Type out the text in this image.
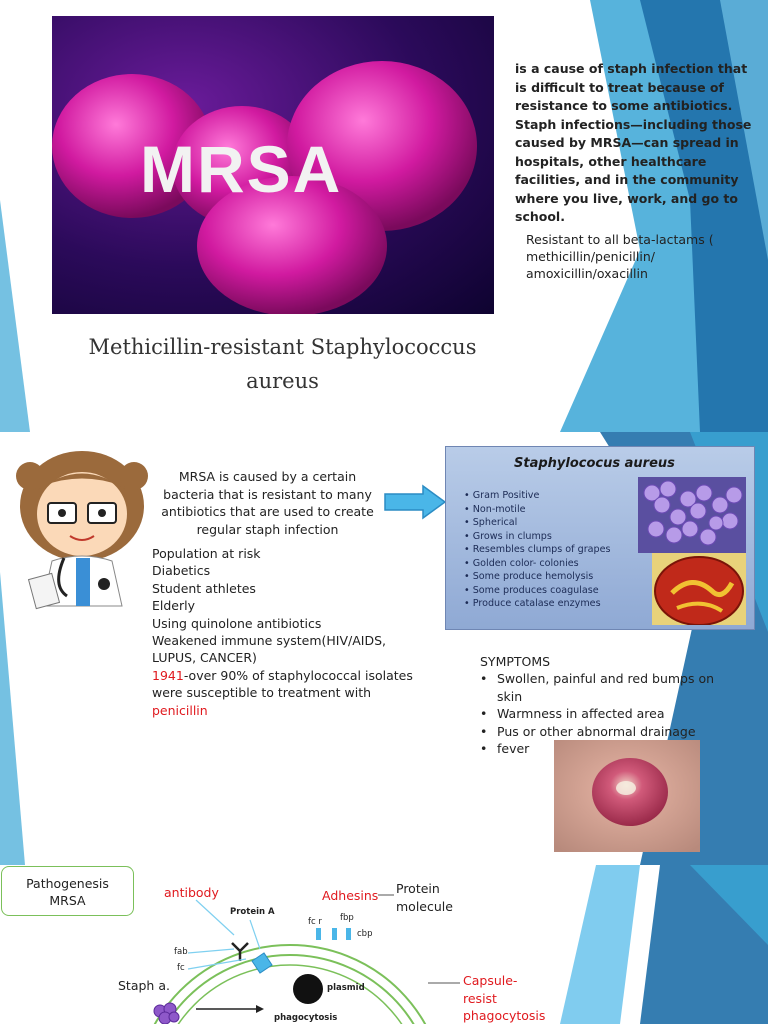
MRSA
is a cause of staph infection that is difficult to treat because of resistance to some antibiotics. Staph infections—including those caused by MRSA—can spread in hospitals, other healthcare facilities, and in the community where you live, work, and go to school.
Resistant to all beta-lactams ( methicillin/penicillin/ amoxicillin/oxacillin
Methicillin-resistant Staphylococcus
aureus
MRSA is caused by a certain
bacteria that is resistant to many
antibiotics that are used to create
regular staph infection
Population at risk
Diabetics
Student athletes
Elderly
Using quinolone antibiotics
Weakened immune system(HIV/AIDS,
LUPUS, CANCER)
1941-over 90% of staphylococcal isolates
were susceptible to treatment with
penicillin
Staphylococus aureus
• Gram Positive
• Non-motile
• Spherical
• Grows in clumps
• Resembles clumps of grapes
• Golden color- colonies
• Some produce hemolysis
• Some produces coagulase
• Produce catalase enzymes
SYMPTOMS
• Swollen, painful and red bumps on
skin
• Warmness in affected area
• Pus or other abnormal drainage
• fever
Pathogenesis
MRSA
antibody
Protein A
fab
fc
Staph a.
fc r fbp
cbp
Adhesins Protein
molecule
plasmid
phagocytosis
Capsule-
resist
phagocytosis
